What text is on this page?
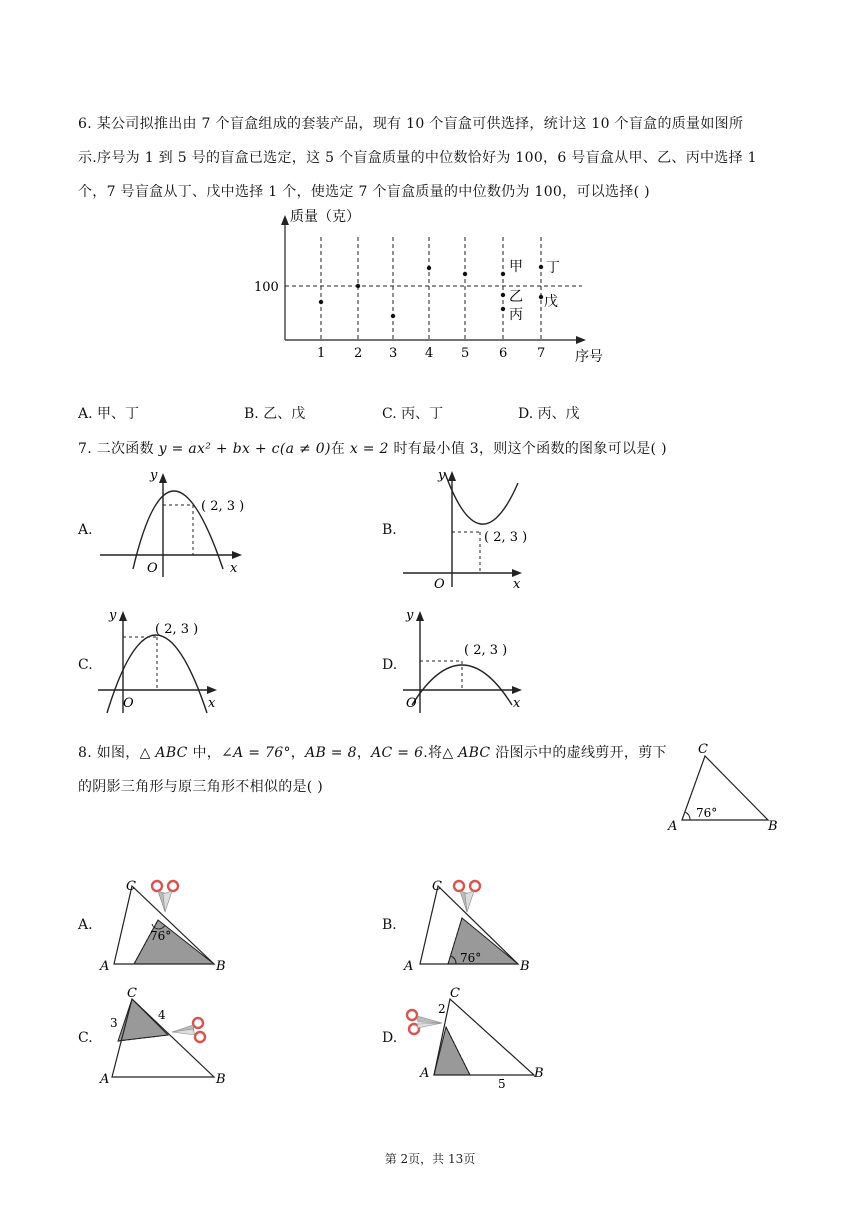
6. 某公司拟推出由 7 个盲盒组成的套装产品，现有 10 个盲盒可供选择，统计这 10 个盲盒的质量如图所
示.序号为 1 到 5 号的盲盒已选定，这 5 个盲盒质量的中位数恰好为 100，6 号盲盒从甲、乙、丙中选择 1
个，7 号盲盒从丁、戊中选择 1 个，使选定 7 个盲盒质量的中位数仍为 100，可以选择( )
质量（克）
100
序号
1 2 3 4 5 6 7
甲
乙
丙
丁
戊
A. 甲、丁	B. 乙、戊	C. 丙、丁	D. 丙、戊
7. 二次函数 y = ax² + bx + c(a ≠ 0)在 x = 2 时有最小值 3，则这个函数的图象可以是( )
A.	B.
C.	D.
y
x
O
( 2, 3 )
y
x
O
( 2, 3 )
y
x
O
( 2, 3 )
y
x
O
( 2, 3 )
8. 如图，△ ABC 中，∠A = 76°，AB = 8，AC = 6.将△ ABC 沿图示中的虚线剪开，剪下
的阴影三角形与原三角形不相似的是( )
C
A	B
76°
A.	B.
C.	D.
C
A	B
76°
C
A	B
76°
C
A	B
3
4
C
A	B
2
5
第 2页，共 13页
